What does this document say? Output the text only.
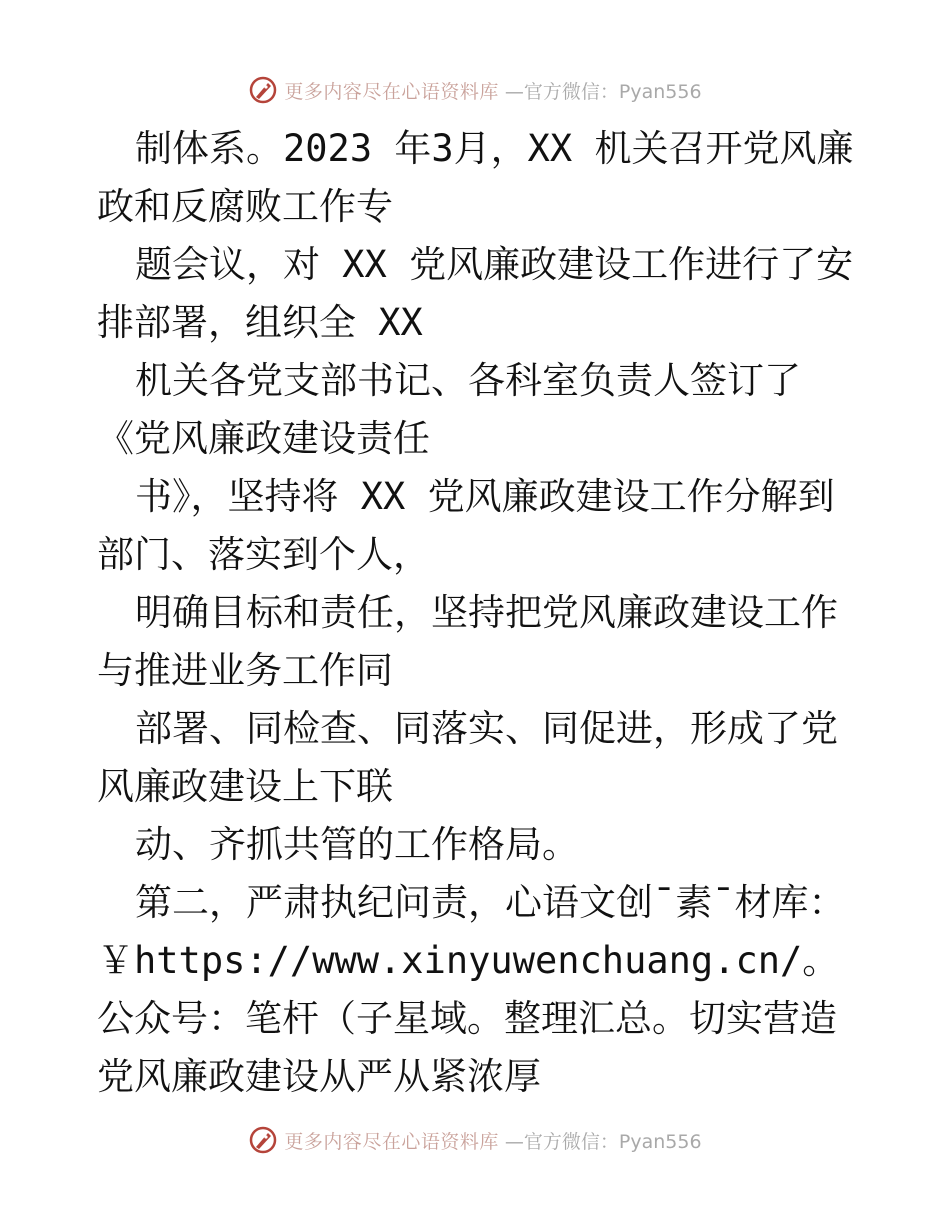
更多内容尽在心语资料库 —官方微信：Pyan556

制体系。2023 年3月，XX 机关召开党风廉政和反腐败工作专

题会议，对 XX 党风廉政建设工作进行了安排部署，组织全 XX

机关各党支部书记、各科室负责人签订了《党风廉政建设责任

书》，坚持将 XX 党风廉政建设工作分解到部门、落实到个人，

明确目标和责任，坚持把党风廉政建设工作与推进业务工作同

部署、同检查、同落实、同促进，形成了党风廉政建设上下联

动、齐抓共管的工作格局。

第二，严肃执纪问责，心语文创¯素¯材库：￥https://www.xinyuwenchuang.cn/。公众号：笔杆（子星域。整理汇总。切实营造党风廉政建设从严从紧浓厚

更多内容尽在心语资料库 —官方微信：Pyan556
